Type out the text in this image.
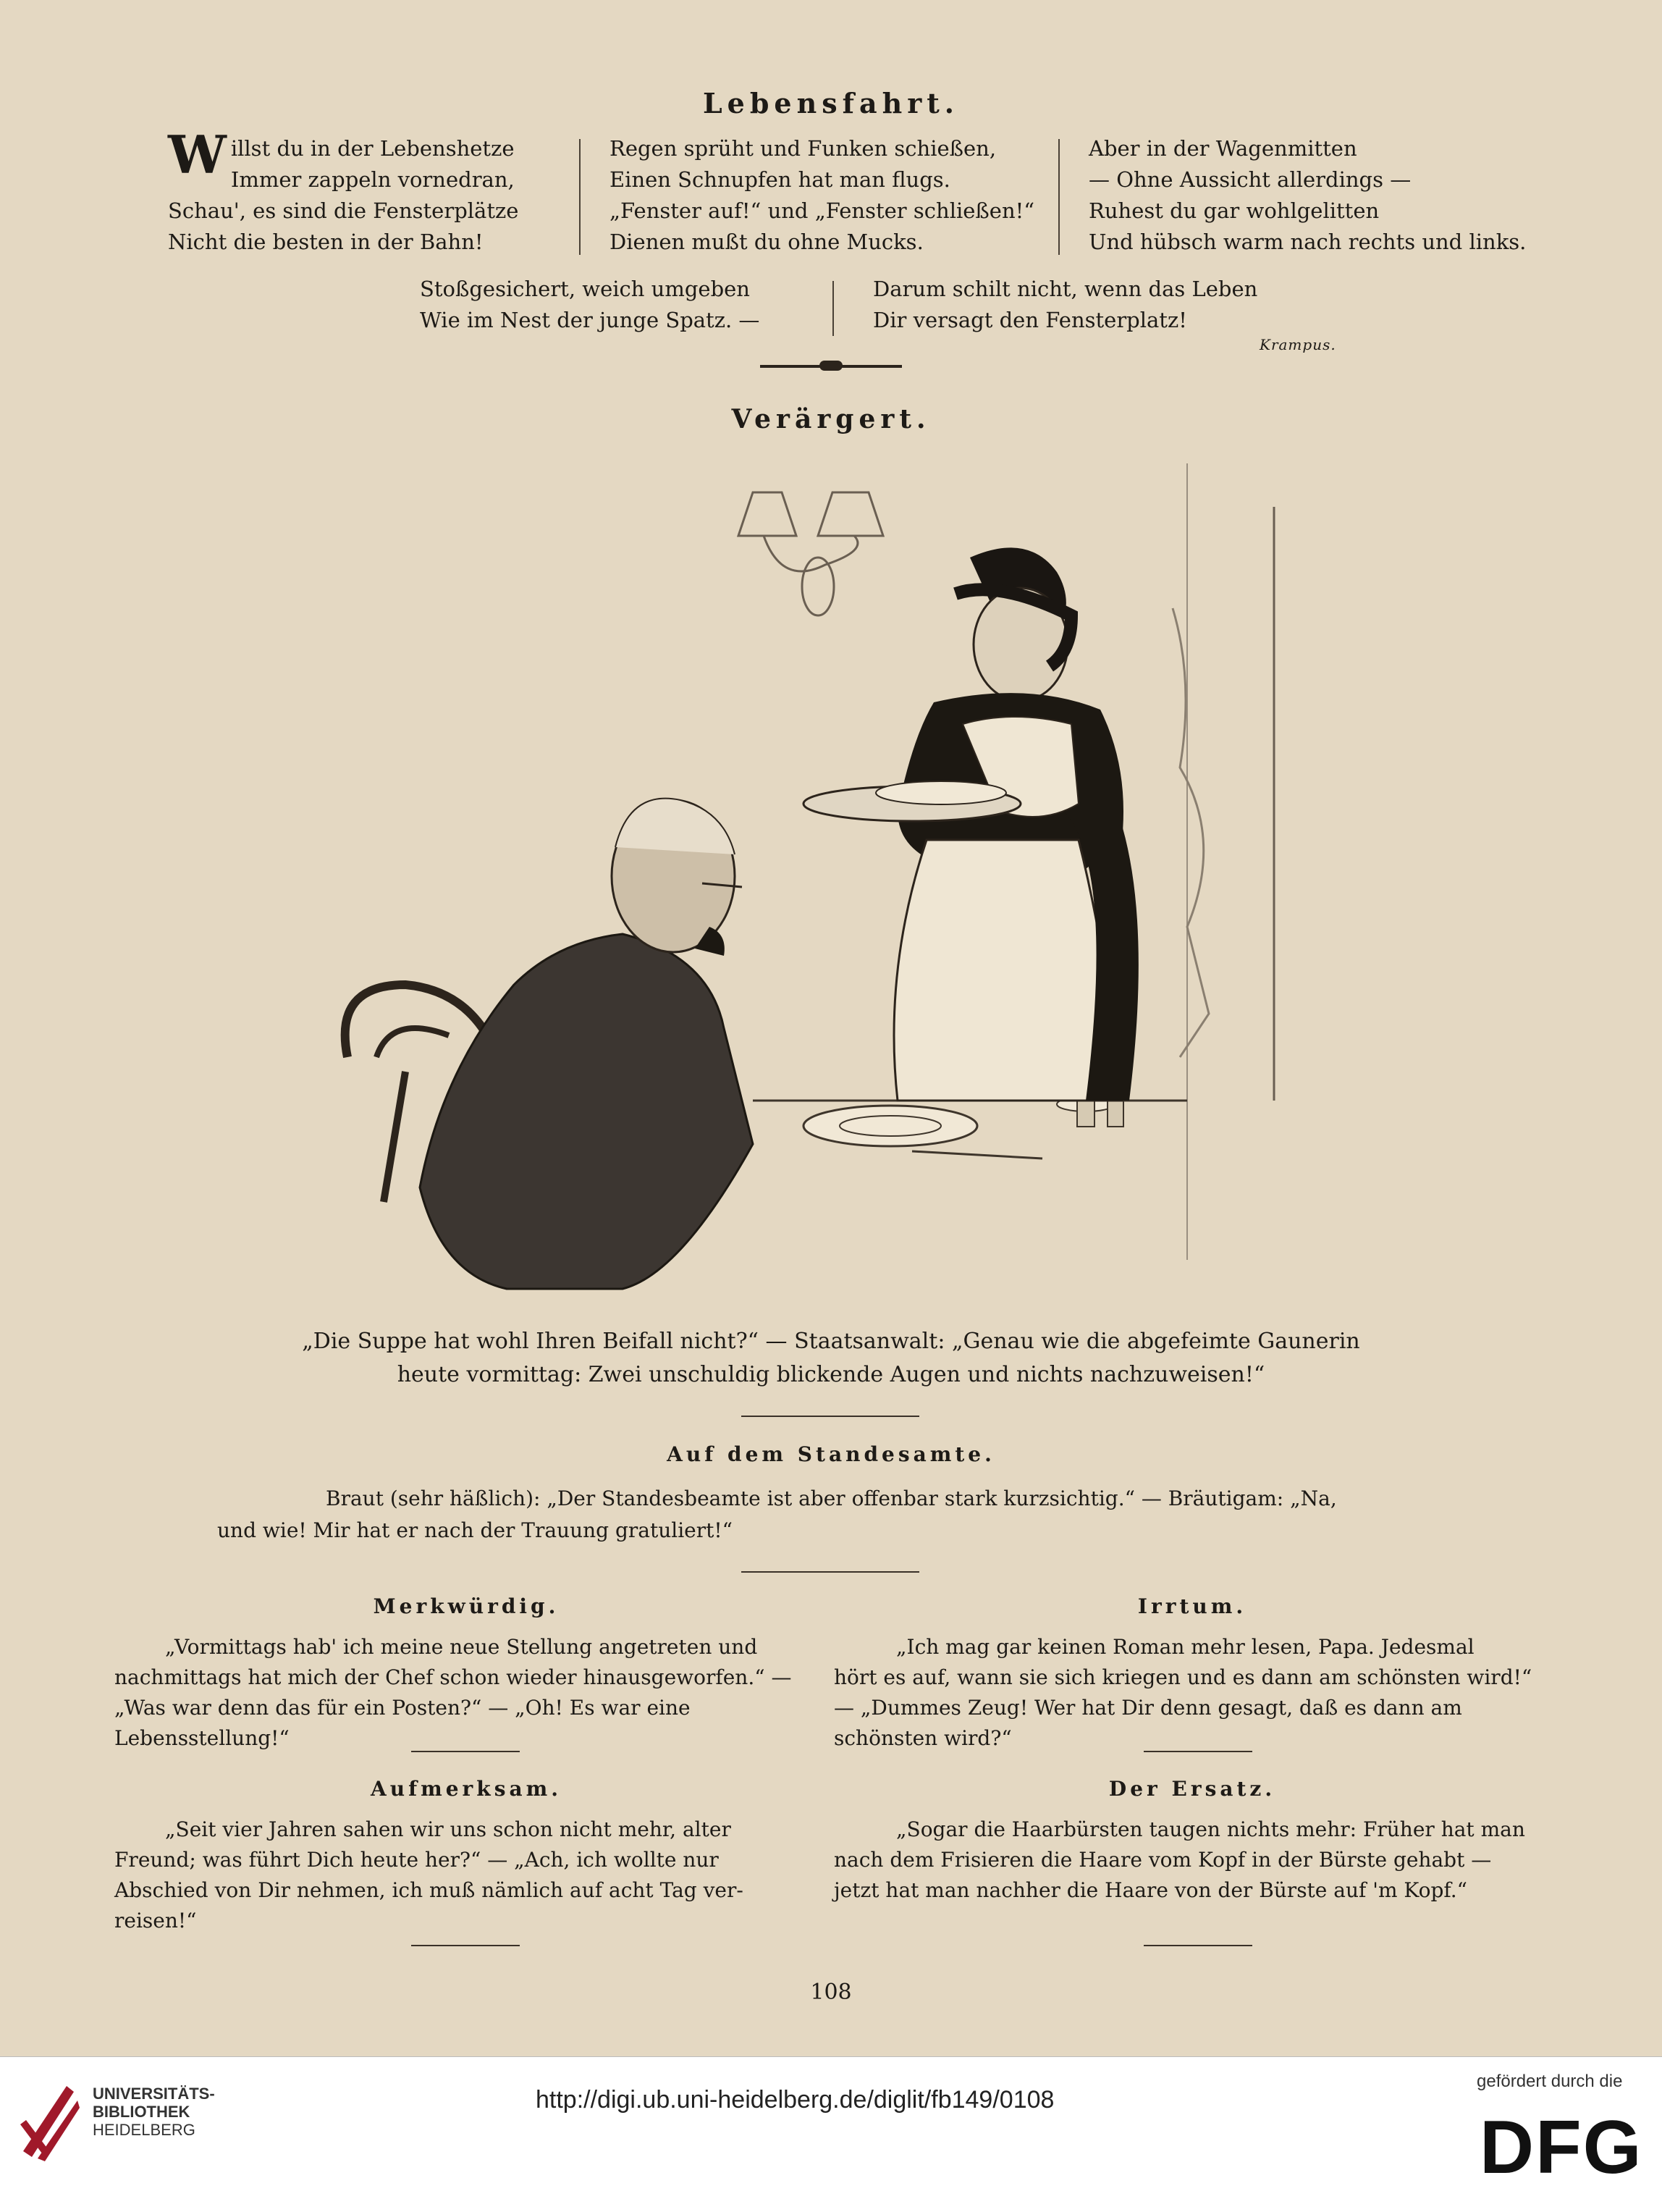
Lebensfahrt.
W illst du in der Lebenshetze
Immer zappeln vornedran,
Schau', es sind die Fensterplätze
Nicht die besten in der Bahn!
Regen sprüht und Funken schießen,
Einen Schnupfen hat man flugs.
„Fenster auf!“ und „Fenster schließen!“
Dienen mußt du ohne Mucks.
Aber in der Wagenmitten
— Ohne Aussicht allerdings —
Ruhest du gar wohlgelitten
Und hübsch warm nach rechts und links.
Stoßgesichert, weich umgeben
Wie im Nest der junge Spatz. —
Darum schilt nicht, wenn das Leben
Dir versagt den Fensterplatz!
Krampus.
Verärgert.
„Die Suppe hat wohl Ihren Beifall nicht?“ — Staatsanwalt: „Genau wie die abgefeimte Gaunerin
heute vormittag: Zwei unschuldig blickende Augen und nichts nachzuweisen!“
Auf dem Standesamte.
Braut (sehr häßlich): „Der Standesbeamte ist aber offenbar stark kurzsichtig.“ — Bräutigam: „Na,
und wie! Mir hat er nach der Trauung gratuliert!“
Merkwürdig.
„Vormittags hab' ich meine neue Stellung angetreten und
nachmittags hat mich der Chef schon wieder hinausgeworfen.“ —
„Was war denn das für ein Posten?“ — „Oh! Es war eine
Lebensstellung!“
Irrtum.
„Ich mag gar keinen Roman mehr lesen, Papa. Jedesmal
hört es auf, wann sie sich kriegen und es dann am schönsten wird!“
— „Dummes Zeug! Wer hat Dir denn gesagt, daß es dann am
schönsten wird?“
Aufmerksam.
„Seit vier Jahren sahen wir uns schon nicht mehr, alter
Freund; was führt Dich heute her?“ — „Ach, ich wollte nur
Abschied von Dir nehmen, ich muß nämlich auf acht Tag ver-
reisen!“
Der Ersatz.
„Sogar die Haarbürsten taugen nichts mehr: Früher hat man
nach dem Frisieren die Haare vom Kopf in der Bürste gehabt —
jetzt hat man nachher die Haare von der Bürste auf 'm Kopf.“
108
UNIVERSITÄTS-
BIBLIOTHEK
HEIDELBERG
http://digi.ub.uni-heidelberg.de/diglit/fb149/0108
gefördert durch die
DFG
